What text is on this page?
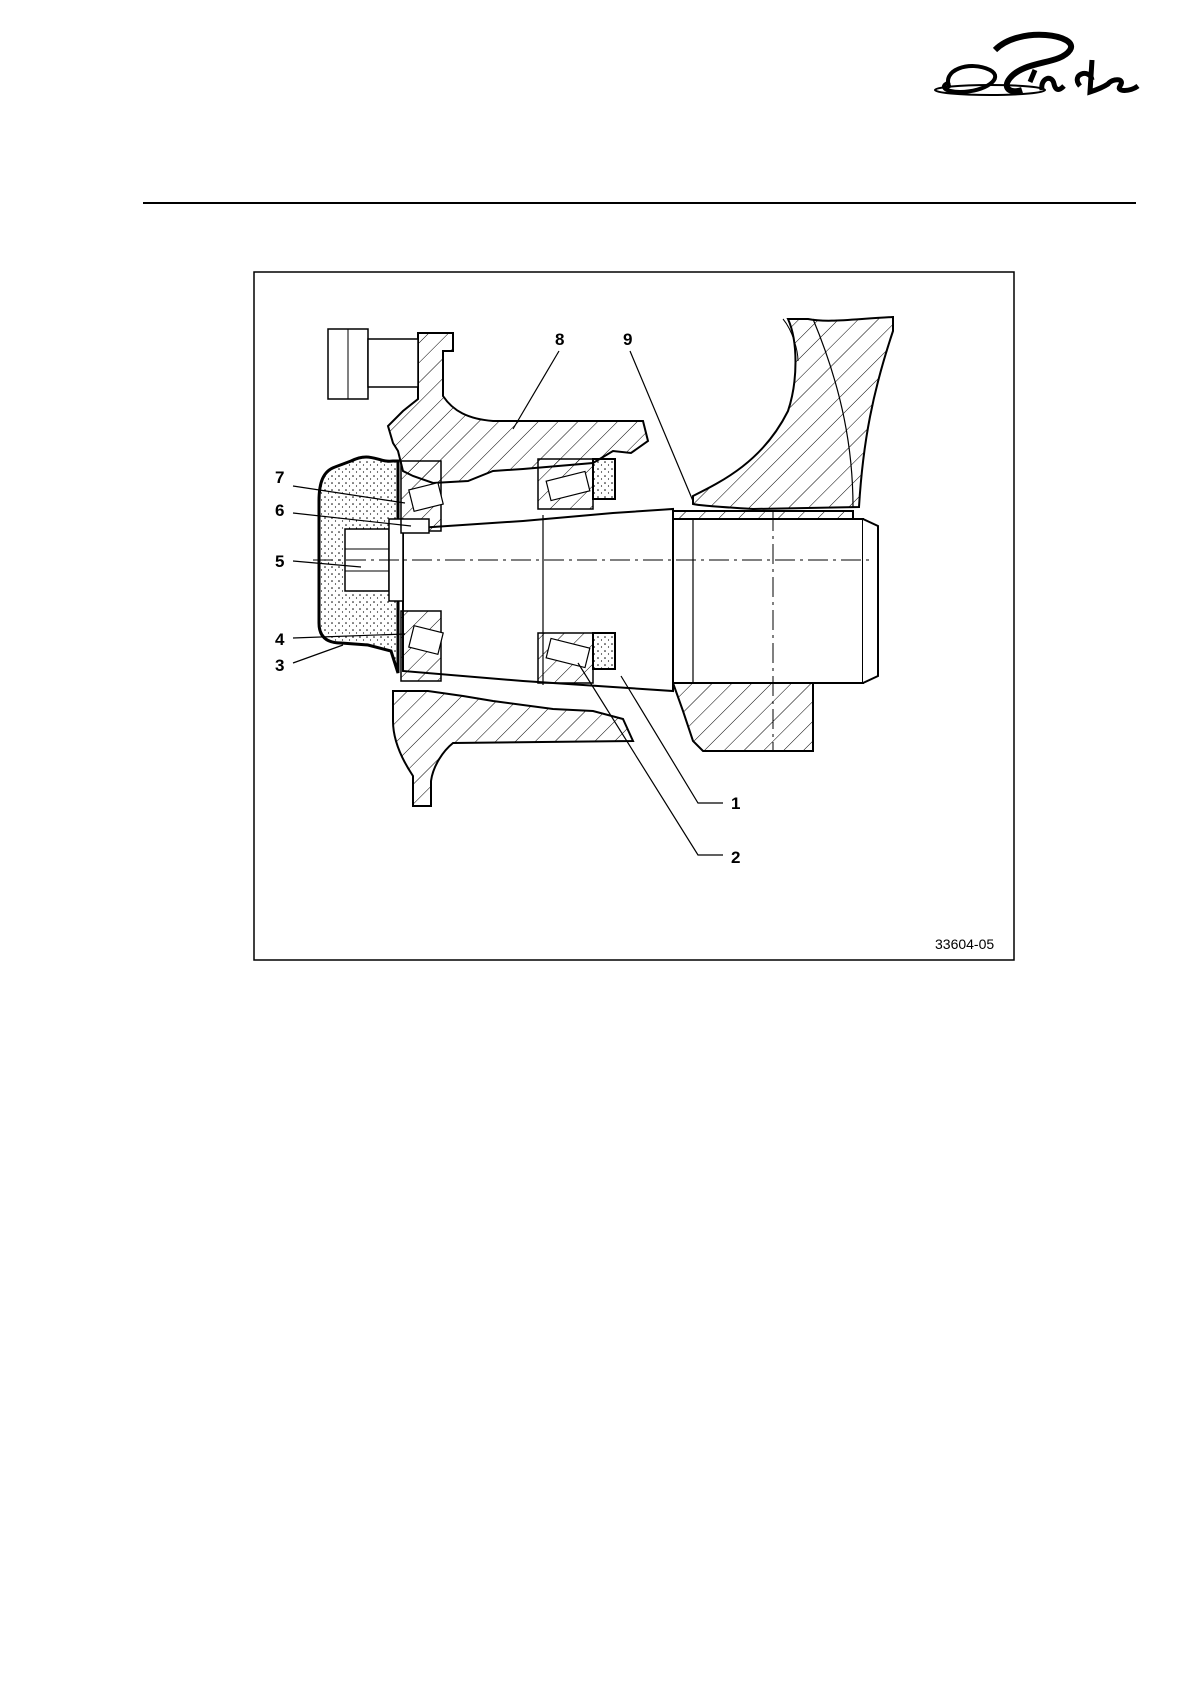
8	9
7
6
5
4
3
1
2
33604-05
